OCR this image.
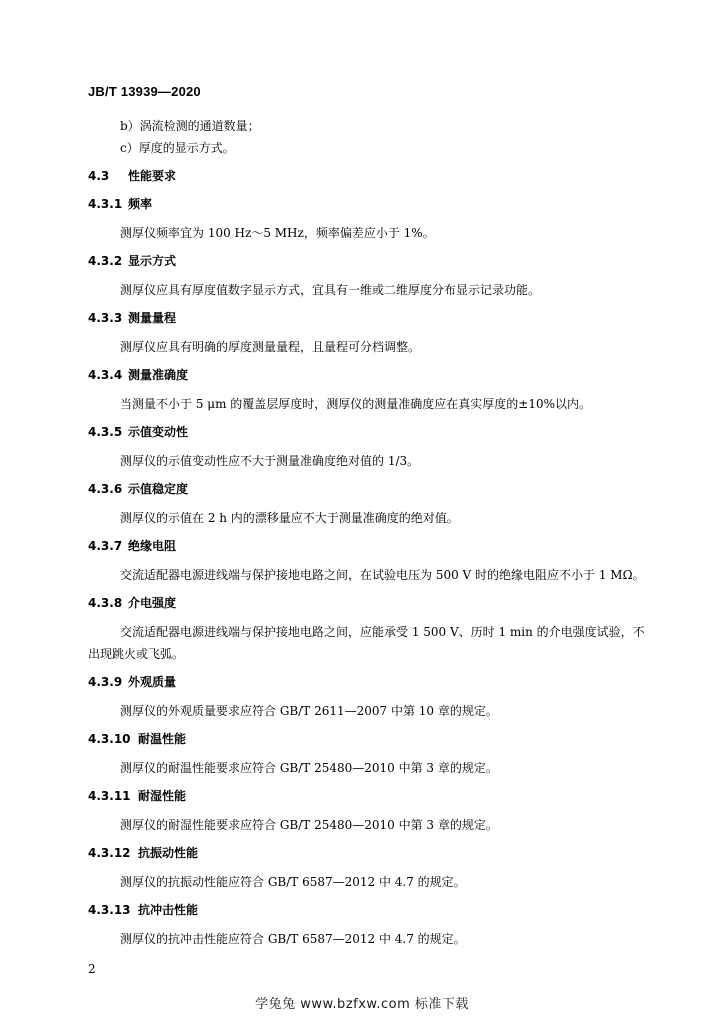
JB/T 13939—2020
b）涡流检测的通道数量；
c）厚度的显示方式。
4.3 性能要求
4.3.1 频率
测厚仪频率宜为 100 Hz～5 MHz，频率偏差应小于 1%。
4.3.2 显示方式
测厚仪应具有厚度值数字显示方式，宜具有一维或二维厚度分布显示记录功能。
4.3.3 测量量程
测厚仪应具有明确的厚度测量量程，且量程可分档调整。
4.3.4 测量准确度
当测量不小于 5 μm 的覆盖层厚度时，测厚仪的测量准确度应在真实厚度的±10%以内。
4.3.5 示值变动性
测厚仪的示值变动性应不大于测量准确度绝对值的 1/3。
4.3.6 示值稳定度
测厚仪的示值在 2 h 内的漂移量应不大于测量准确度的绝对值。
4.3.7 绝缘电阻
交流适配器电源进线端与保护接地电路之间，在试验电压为 500 V 时的绝缘电阻应不小于 1 MΩ。
4.3.8 介电强度
交流适配器电源进线端与保护接地电路之间，应能承受 1 500 V、历时 1 min 的介电强度试验，不
出现跳火或飞弧。
4.3.9 外观质量
测厚仪的外观质量要求应符合 GB/T 2611—2007 中第 10 章的规定。
4.3.10 耐温性能
测厚仪的耐温性能要求应符合 GB/T 25480—2010 中第 3 章的规定。
4.3.11 耐湿性能
测厚仪的耐湿性能要求应符合 GB/T 25480—2010 中第 3 章的规定。
4.3.12 抗振动性能
测厚仪的抗振动性能应符合 GB/T 6587—2012 中 4.7 的规定。
4.3.13 抗冲击性能
测厚仪的抗冲击性能应符合 GB/T 6587—2012 中 4.7 的规定。
2
学兔兔 www.bzfxw.com 标准下载
